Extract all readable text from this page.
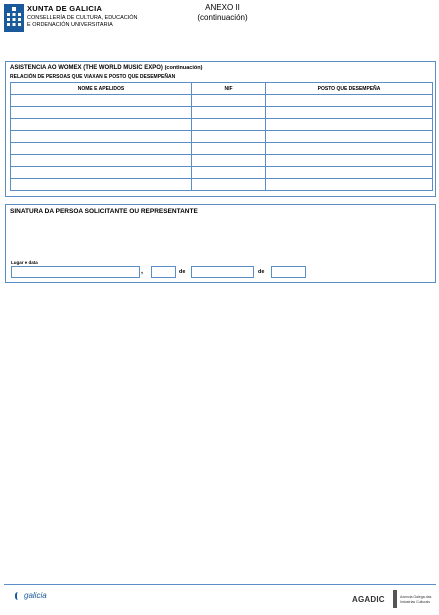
XUNTA DE GALICIA
CONSELLERÍA DE CULTURA, EDUCACIÓN
E ORDENACIÓN UNIVERSITARIA
ANEXO II
(continuación)
ASISTENCIA AO WOMEX (THE WORLD MUSIC EXPO) (continuación)
RELACIÓN DE PERSOAS QUE VIAXAN E POSTO QUE DESEMPEÑAN
NOME E APELIDOS	NIF	POSTO QUE DESEMPEÑA

SINATURA DA PERSOA SOLICITANTE OU REPRESENTANTE
Lugar e data
,	de	de
galicia	AGADIC	Axencia Galega das
Industrias Culturais
